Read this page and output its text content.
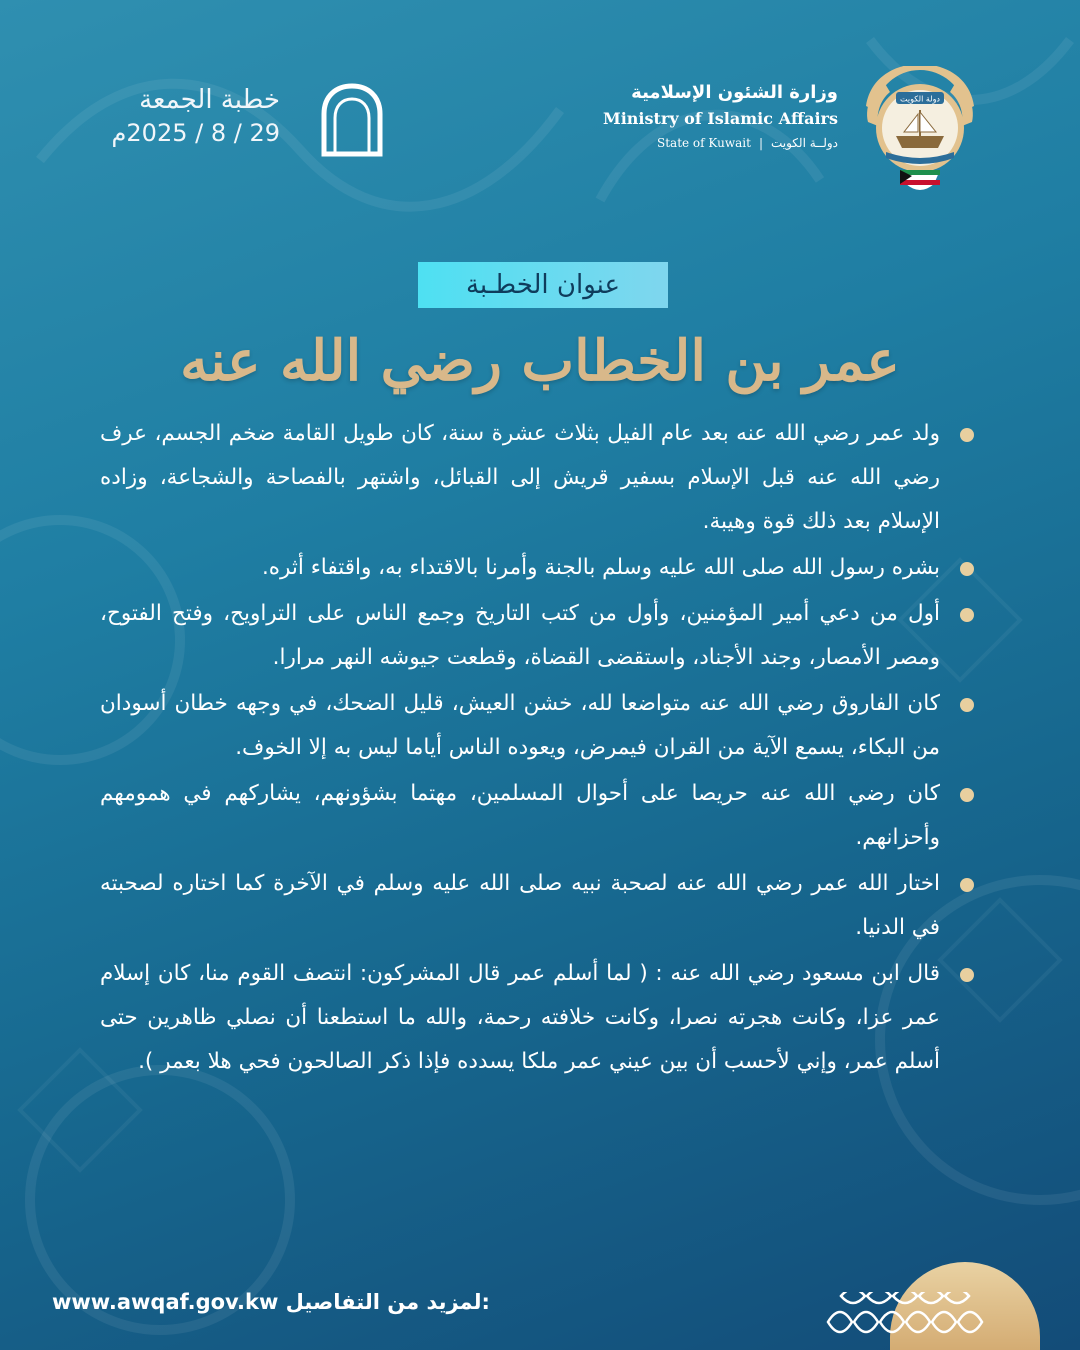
خطبة الجمعة
29 / 8 / 2025م
وزارة الشئون الإسلامية
Ministry of Islamic Affairs
State of Kuwait | دولــة الكويت
دولة الكويت
عنوان الخطـبة
عمر بن الخطاب رضي الله عنه
ولد عمر رضي الله عنه بعد عام الفيل بثلاث عشرة سنة، كان طويل القامة ضخم الجسم، عرف رضي الله عنه قبل الإسلام بسفير قريش إلى القبائل، واشتهر بالفصاحة والشجاعة، وزاده الإسلام بعد ذلك قوة وهيبة.
بشره رسول الله صلى الله عليه وسلم بالجنة وأمرنا بالاقتداء به، واقتفاء أثره.
أول من دعي أمير المؤمنين، وأول من كتب التاريخ وجمع الناس على التراويح، وفتح الفتوح، ومصر الأمصار، وجند الأجناد، واستقضى القضاة، وقطعت جيوشه النهر مرارا.
كان الفاروق رضي الله عنه متواضعا لله، خشن العيش، قليل الضحك، في وجهه خطان أسودان من البكاء، يسمع الآية من القران فيمرض، ويعوده الناس أياما ليس به إلا الخوف.
كان رضي الله عنه حريصا على أحوال المسلمين، مهتما بشؤونهم، يشاركهم في همومهم وأحزانهم.
اختار الله عمر رضي الله عنه لصحبة نبيه صلى الله عليه وسلم في الآخرة كما اختاره لصحبته في الدنيا.
قال ابن مسعود رضي الله عنه : ( لما أسلم عمر قال المشركون: انتصف القوم منا، كان إسلام عمر عزا، وكانت هجرته نصرا، وكانت خلافته رحمة، والله ما استطعنا أن نصلي ظاهرين حتى أسلم عمر، وإني لأحسب أن بين عيني عمر ملكا يسدده فإذا ذكر الصالحون فحي هلا بعمر ).
www.awqaf.gov.kw لمزيد من التفاصيل:
